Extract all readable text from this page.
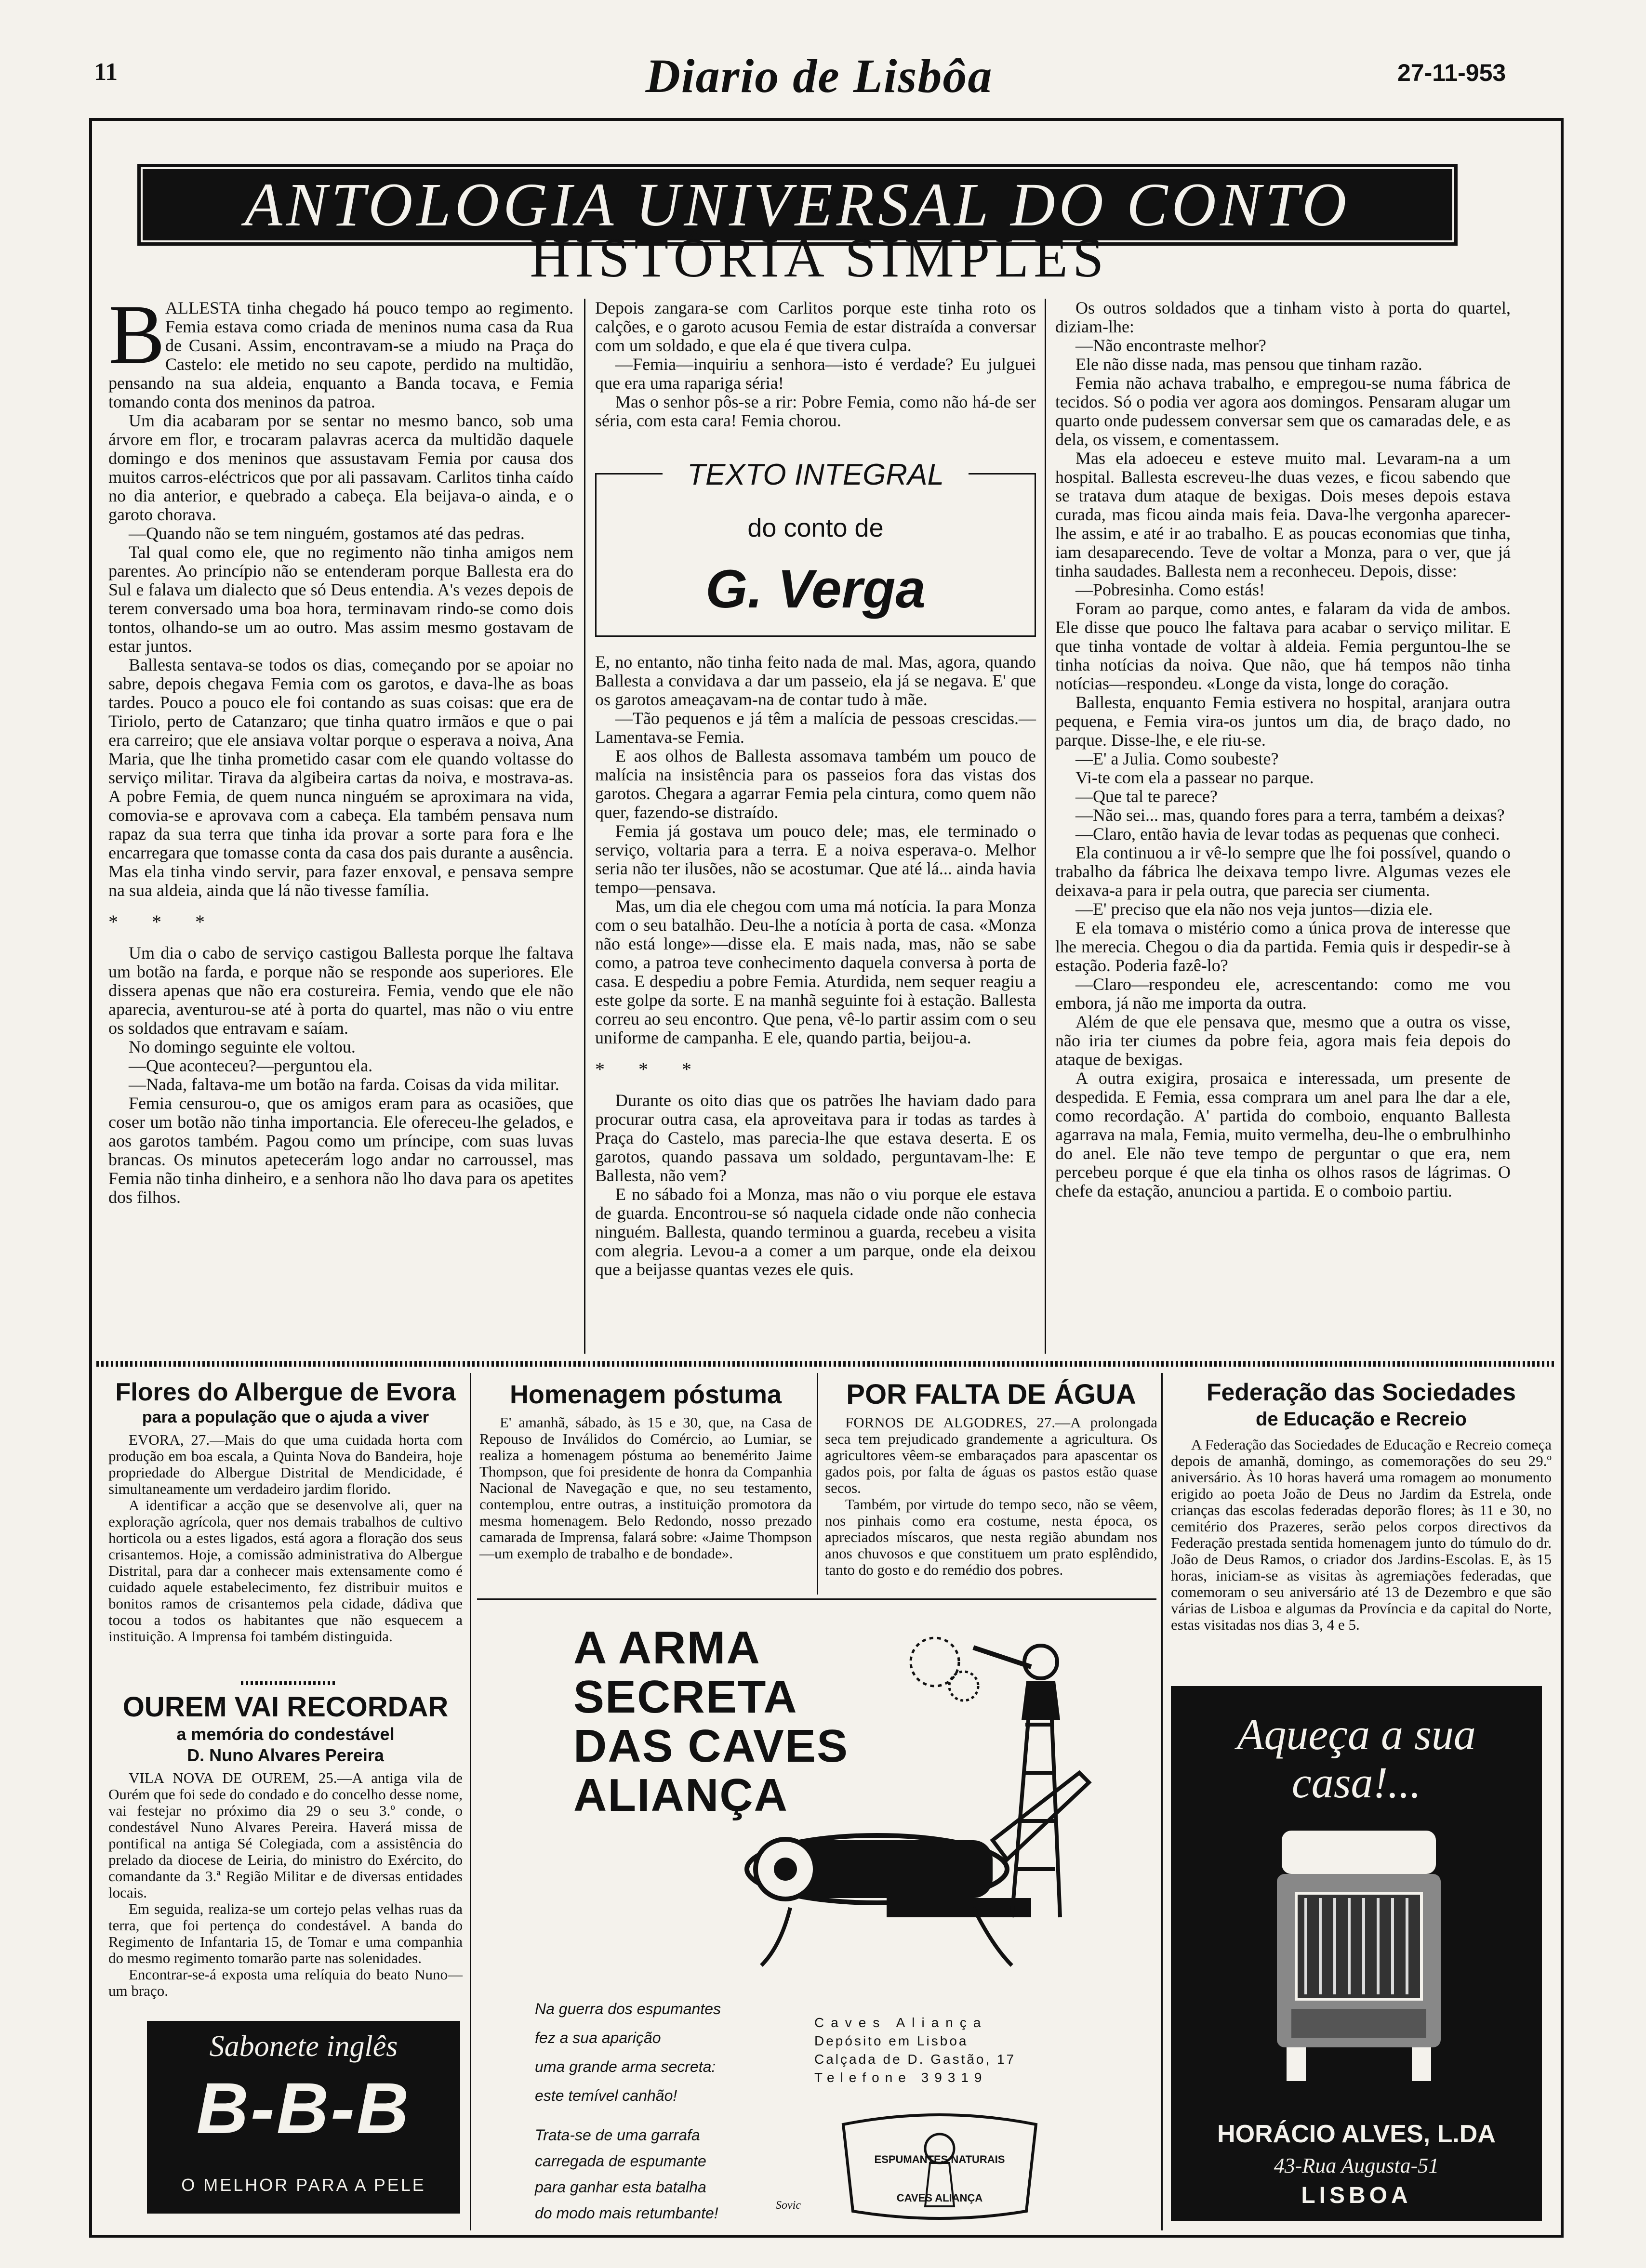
11	Diario de Lisbôa	27-11-953
ANTOLOGIA UNIVERSAL DO CONTO
HISTÓRIA SIMPLES
B ALLESTA tinha chegado há pouco tempo ao regimento. Femia estava como criada de meninos numa casa da Rua de Cusani. Assim, encontravam-se a miudo na Praça do Castelo: ele metido no seu capote, perdido na multidão, pensando na sua aldeia, enquanto a Banda tocava, e Femia tomando conta dos meninos da patroa.

Um dia acabaram por se sentar no mesmo banco, sob uma árvore em flor, e trocaram palavras acerca da multidão daquele domingo e dos meninos que assustavam Femia por causa dos muitos carros-eléctricos que por ali passavam. Carlitos tinha caído no dia anterior, e quebrado a cabeça. Ela beijava-o ainda, e o garoto chorava.

—Quando não se tem ninguém, gostamos até das pedras.

Tal qual como ele, que no regimento não tinha amigos nem parentes. Ao princípio não se entenderam porque Ballesta era do Sul e falava um dialecto que só Deus entendia. A's vezes depois de terem conversado uma boa hora, terminavam rindo-se como dois tontos, olhando-se um ao outro. Mas assim mesmo gostavam de estar juntos.

Ballesta sentava-se todos os dias, começando por se apoiar no sabre, depois chegava Femia com os garotos, e dava-lhe as boas tardes. Pouco a pouco ele foi contando as suas coisas: que era de Tiriolo, perto de Catanzaro; que tinha quatro irmãos e que o pai era carreiro; que ele ansiava voltar porque o esperava a noiva, Ana Maria, que lhe tinha prometido casar com ele quando voltasse do serviço militar. Tirava da algibeira cartas da noiva, e mostrava-as. A pobre Femia, de quem nunca ninguém se aproximara na vida, comovia-se e aprovava com a cabeça. Ela também pensava num rapaz da sua terra que tinha ida provar a sorte para fora e lhe encarregara que tomasse conta da casa dos pais durante a ausência. Mas ela tinha vindo servir, para fazer enxoval, e pensava sempre na sua aldeia, ainda que lá não tivesse família.

* * *

Um dia o cabo de serviço castigou Ballesta porque lhe faltava um botão na farda, e porque não se responde aos superiores. Ele dissera apenas que não era costureira. Femia, vendo que ele não aparecia, aventurou-se até à porta do quartel, mas não o viu entre os soldados que entravam e saíam.

No domingo seguinte ele voltou.

—Que aconteceu?—perguntou ela.

—Nada, faltava-me um botão na farda. Coisas da vida militar.

Femia censurou-o, que os amigos eram para as ocasiões, que coser um botão não tinha importancia. Ele ofereceu-lhe gelados, e aos garotos também. Pagou como um príncipe, com suas luvas brancas. Os minutos apetecerám logo andar no carroussel, mas Femia não tinha dinheiro, e a senhora não lho dava para os apetites dos filhos.

Depois zangara-se com Carlitos porque este tinha roto os calções, e o garoto acusou Femia de estar distraída a conversar com um soldado, e que ela é que tivera culpa.

—Femia—inquiriu a senhora—isto é verdade? Eu julguei que era uma rapariga séria!

Mas o senhor pôs-se a rir: Pobre Femia, como não há-de ser séria, com esta cara! Femia chorou.

TEXTO INTEGRAL
do conto de
G. Verga

E, no entanto, não tinha feito nada de mal. Mas, agora, quando Ballesta a convidava a dar um passeio, ela já se negava. E' que os garotos ameaçavam-na de contar tudo à mãe.

—Tão pequenos e já têm a malícia de pessoas crescidas.—Lamentava-se Femia.

E aos olhos de Ballesta assomava também um pouco de malícia na insistência para os passeios fora das vistas dos garotos. Chegara a agarrar Femia pela cintura, como quem não quer, fazendo-se distraído.

Femia já gostava um pouco dele; mas, ele terminado o serviço, voltaria para a terra. E a noiva esperava-o. Melhor seria não ter ilusões, não se acostumar. Que até lá... ainda havia tempo—pensava.

Mas, um dia ele chegou com uma má notícia. Ia para Monza com o seu batalhão. Deu-lhe a notícia à porta de casa. «Monza não está longe»—disse ela. E mais nada, mas, não se sabe como, a patroa teve conhecimento daquela conversa à porta de casa. E despediu a pobre Femia. Aturdida, nem sequer reagiu a este golpe da sorte. E na manhã seguinte foi à estação. Ballesta correu ao seu encontro. Que pena, vê-lo partir assim com o seu uniforme de campanha. E ele, quando partia, beijou-a.

* * *

Durante os oito dias que os patrões lhe haviam dado para procurar outra casa, ela aproveitava para ir todas as tardes à Praça do Castelo, mas parecia-lhe que estava deserta. E os garotos, quando passava um soldado, perguntavam-lhe: E Ballesta, não vem?

E no sábado foi a Monza, mas não o viu porque ele estava de guarda. Encontrou-se só naquela cidade onde não conhecia ninguém. Ballesta, quando terminou a guarda, recebeu a visita com alegria. Levou-a a comer a um parque, onde ela deixou que a beijasse quantas vezes ele quis.

Os outros soldados que a tinham visto à porta do quartel, diziam-lhe:

—Não encontraste melhor?

Ele não disse nada, mas pensou que tinham razão.

Femia não achava trabalho, e empregou-se numa fábrica de tecidos. Só o podia ver agora aos domingos. Pensaram alugar um quarto onde pudessem conversar sem que os camaradas dele, e as dela, os vissem, e comentassem.

Mas ela adoeceu e esteve muito mal. Levaram-na a um hospital. Ballesta escreveu-lhe duas vezes, e ficou sabendo que se tratava dum ataque de bexigas. Dois meses depois estava curada, mas ficou ainda mais feia. Dava-lhe vergonha aparecer-lhe assim, e até ir ao trabalho. E as poucas economias que tinha, iam desaparecendo. Teve de voltar a Monza, para o ver, que já tinha saudades. Ballesta nem a reconheceu. Depois, disse:

—Pobresinha. Como estás!

Foram ao parque, como antes, e falaram da vida de ambos. Ele disse que pouco lhe faltava para acabar o serviço militar. E que tinha vontade de voltar à aldeia. Femia perguntou-lhe se tinha notícias da noiva. Que não, que há tempos não tinha notícias—respondeu. «Longe da vista, longe do coração.

Ballesta, enquanto Femia estivera no hospital, aranjara outra pequena, e Femia vira-os juntos um dia, de braço dado, no parque. Disse-lhe, e ele riu-se.

—E' a Julia. Como soubeste?

Vi-te com ela a passear no parque.

—Que tal te parece?

—Não sei... mas, quando fores para a terra, também a deixas?

—Claro, então havia de levar todas as pequenas que conheci.

Ela continuou a ir vê-lo sempre que lhe foi possível, quando o trabalho da fábrica lhe deixava tempo livre. Algumas vezes ele deixava-a para ir pela outra, que parecia ser ciumenta.

—E' preciso que ela não nos veja juntos—dizia ele.

E ela tomava o mistério como a única prova de interesse que lhe merecia. Chegou o dia da partida. Femia quis ir despedir-se à estação. Poderia fazê-lo?

—Claro—respondeu ele, acrescentando: como me vou embora, já não me importa da outra.

Além de que ele pensava que, mesmo que a outra os visse, não iria ter ciumes da pobre feia, agora mais feia depois do ataque de bexigas.

A outra exigira, prosaica e interessada, um presente de despedida. E Femia, essa comprara um anel para lhe dar a ele, como recordação. A' partida do comboio, enquanto Ballesta agarrava na mala, Femia, muito vermelha, deu-lhe o embrulhinho do anel. Ele não teve tempo de perguntar o que era, nem percebeu porque é que ela tinha os olhos rasos de lágrimas. O chefe da estação, anunciou a partida. E o comboio partiu.

Flores do Albergue de Evora
para a população que o ajuda a viver

EVORA, 27.—Mais do que uma cuidada horta com produção em boa escala, a Quinta Nova do Bandeira, hoje propriedade do Albergue Distrital de Mendicidade, é simultaneamente um verdadeiro jardim florido.

A identificar a acção que se desenvolve ali, quer na exploração agrícola, quer nos demais trabalhos de cultivo horticola ou a estes ligados, está agora a floração dos seus crisantemos. Hoje, a comissão administrativa do Albergue Distrital, para dar a conhecer mais extensamente como é cuidado aquele estabelecimento, fez distribuir muitos e bonitos ramos de crisantemos pela cidade, dádiva que tocou a todos os habitantes que não esquecem a instituição. A Imprensa foi também distinguida.

OUREM VAI RECORDAR
a memória do condestável
D. Nuno Alvares Pereira

VILA NOVA DE OUREM, 25.—A antiga vila de Ourém que foi sede do condado e do concelho desse nome, vai festejar no próximo dia 29 o seu 3.º conde, o condestável Nuno Alvares Pereira. Haverá missa de pontifical na antiga Sé Colegiada, com a assistência do prelado da diocese de Leiria, do ministro do Exército, do comandante da 3.ª Região Militar e de diversas entidades locais.

Em seguida, realiza-se um cortejo pelas velhas ruas da terra, que foi pertença do condestável. A banda do Regimento de Infantaria 15, de Tomar e uma companhia do mesmo regimento tomarão parte nas solenidades.

Encontrar-se-á exposta uma relíquia do beato Nuno—um braço.

Sabonete inglês
B-B-B
O MELHOR PARA A PELE
Homenagem póstuma

E' amanhã, sábado, às 15 e 30, que, na Casa de Repouso de Inválidos do Comércio, ao Lumiar, se realiza a homenagem póstuma ao benemérito Jaime Thompson, que foi presidente de honra da Companhia Nacional de Navegação e que, no seu testamento, contemplou, entre outras, a instituição promotora da mesma homenagem. Belo Redondo, nosso prezado camarada de Imprensa, falará sobre: «Jaime Thompson—um exemplo de trabalho e de bondade».

POR FALTA DE ÁGUA

FORNOS DE ALGODRES, 27.—A prolongada seca tem prejudicado grandemente a agricultura. Os agricultores vêem-se embaraçados para apascentar os gados pois, por falta de águas os pastos estão quase secos.

Também, por virtude do tempo seco, não se vêem, nos pinhais como era costume, nesta época, os apreciados míscaros, que nesta região abundam nos anos chuvosos e que constituem um prato esplêndido, tanto do gosto e do remédio dos pobres.

A ARMA
SECRETA
DAS CAVES
ALIANÇA
Na guerra dos espumantes
fez a sua aparição
uma grande arma secreta:
este temível canhão!
Caves Aliança
Depósito em Lisboa
Calçada de D. Gastão, 17
Telefone 39319
Trata-se de uma garrafa
carregada de espumante
para ganhar esta batalha
do modo mais retumbante!
ESPUMANTES NATURAIS
CAVES ALIANÇA
Sovic
Federação das Sociedades
de Educação e Recreio

A Federação das Sociedades de Educação e Recreio começa depois de amanhã, domingo, as comemorações do seu 29.º aniversário. Às 10 horas haverá uma romagem ao monumento erigido ao poeta João de Deus no Jardim da Estrela, onde crianças das escolas federadas deporão flores; às 11 e 30, no cemitério dos Prazeres, serão pelos corpos directivos da Federação prestada sentida homenagem junto do túmulo do dr. João de Deus Ramos, o criador dos Jardins-Escolas. E, às 15 horas, iniciam-se as visitas às agremiações federadas, que comemoram o seu aniversário até 13 de Dezembro e que são várias de Lisboa e algumas da Província e da capital do Norte, estas visitadas nos dias 3, 4 e 5.

Aqueça a sua casa!...
HORÁCIO ALVES, L.DA
43-Rua Augusta-51
LISBOA
